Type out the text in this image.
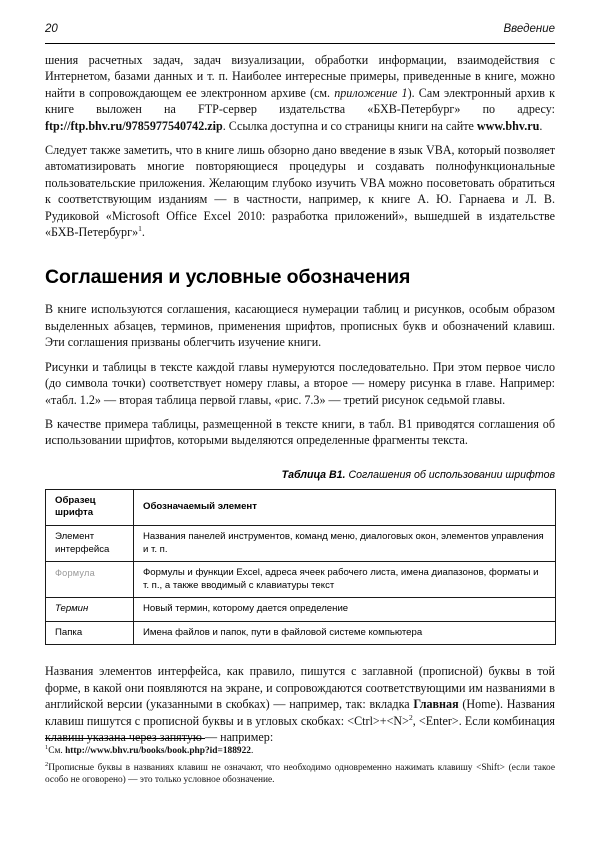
20	Введение

шения расчетных задач, задач визуализации, обработки информации, взаимодействия с Интернетом, базами данных и т. п. Наиболее интересные примеры, приведенные в книге, можно найти в сопровождающем ее электронном архиве (см. приложение 1). Сам электронный архив к книге выложен на FTP-сервер издательства «БХВ-Петербург» по адресу: ftp://ftp.bhv.ru/9785977540742.zip. Ссылка доступна и со страницы книги на сайте www.bhv.ru.

Следует также заметить, что в книге лишь обзорно дано введение в язык VBA, который позволяет автоматизировать многие повторяющиеся процедуры и создавать полнофункциональные пользовательские приложения. Желающим глубоко изучить VBA можно посоветовать обратиться к соответствующим изданиям — в частности, например, к книге А. Ю. Гарнаева и Л. В. Рудиковой «Microsoft Office Excel 2010: разработка приложений», вышедшей в издательстве «БХВ-Петербург»$^1$.

Соглашения и условные обозначения

В книге используются соглашения, касающиеся нумерации таблиц и рисунков, особым образом выделенных абзацев, терминов, применения шрифтов, прописных букв и обозначений клавиш. Эти соглашения призваны облегчить изучение книги.

Рисунки и таблицы в тексте каждой главы нумеруются последовательно. При этом первое число (до символа точки) соответствует номеру главы, а второе — номеру рисунка в главе. Например: «табл. 1.2» — вторая таблица первой главы, «рис. 7.3» — третий рисунок седьмой главы.

В качестве примера таблицы, размещенной в тексте книги, в табл. В1 приводятся соглашения об использовании шрифтов, которыми выделяются определенные фрагменты текста.

Таблица В1. Соглашения об использовании шрифтов
Образец шрифта	Обозначаемый элемент
Элемент интерфейса	Названия панелей инструментов, команд меню, диалоговых окон, элементов управления и т. п.
Формула	Формулы и функции Excel, адреса ячеек рабочего листа, имена диапазонов, форматы и т. п., а также вводимый с клавиатуры текст
Термин	Новый термин, которому дается определение
Папка	Имена файлов и папок, пути в файловой системе компьютера

Названия элементов интерфейса, как правило, пишутся с заглавной (прописной) буквы в той форме, в какой они появляются на экране, и сопровождаются соответствующими им названиями в английской версии (указанными в скобках) — например, так: вкладка Главная (Home). Названия клавиш пишутся с прописной буквы и в угловых скобках: <Ctrl>+<N>$^2$, <Enter>. Если комбинация клавиш указана через запятую — например:

$^1$См. http://www.bhv.ru/books/book.php?id=188922.

$^2$Прописные буквы в названиях клавиш не означают, что необходимо одновременно нажимать клавишу <Shift> (если такое особо не оговорено) — это только условное обозначение.
